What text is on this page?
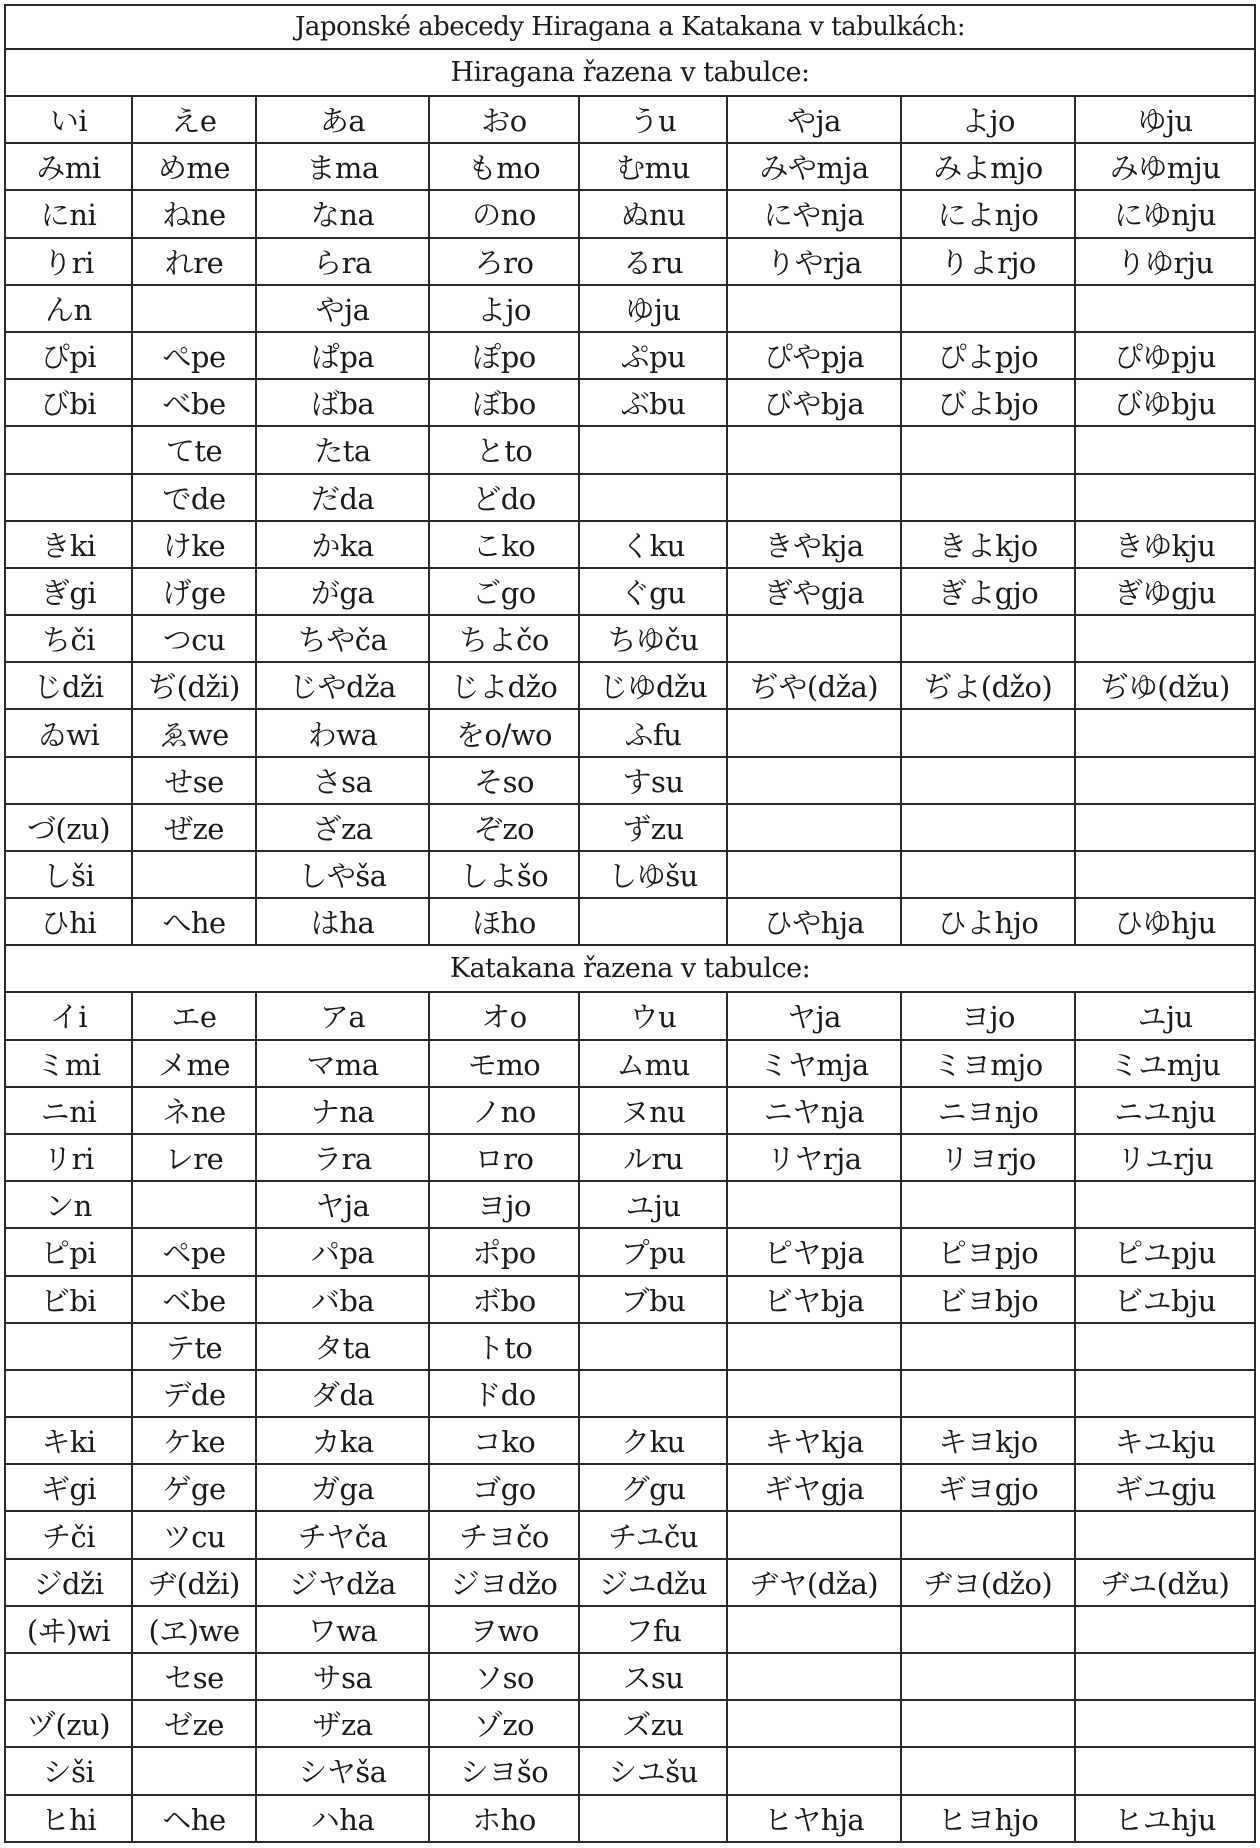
Japonské abecedy Hiragana a Katakana v tabulkách:							
Hiragana řazena v tabulce:							
いi	えe	あa	おo	うu	やja	よjo	ゆju
みmi	めme	まma	もmo	むmu	みやmja	みよmjo	みゆmju
にni	ねne	なna	のno	ぬnu	にやnja	によnjo	にゆnju
りri	れre	らra	ろro	るru	りやrja	りよrjo	りゆrju
んn		やja	よjo	ゆju			
ぴpi	ぺpe	ぱpa	ぽpo	ぷpu	ぴやpja	ぴよpjo	ぴゆpju
びbi	べbe	ばba	ぼbo	ぶbu	びやbja	びよbjo	びゆbju
	てte	たta	とto				
	でde	だda	どdo				
きki	けke	かka	こko	くku	きやkja	きよkjo	きゆkju
ぎgi	げge	がga	ごgo	ぐgu	ぎやgja	ぎよgjo	ぎゆgju
ちči	つcu	ちやča	ちよčo	ちゆču			
じdži	ぢ(dži)	じやdža	じよdžo	じゆdžu	ぢや(dža)	ぢよ(džo)	ぢゆ(džu)
ゐwi	ゑwe	わwa	をo/wo	ふfu			
	せse	さsa	そso	すsu			
づ(zu)	ぜze	ざza	ぞzo	ずzu			
しši		しやša	しよšo	しゆšu			
ひhi	へhe	はha	ほho		ひやhja	ひよhjo	ひゆhju
Katakana řazena v tabulce:							
イi	エe	アa	オo	ウu	ヤja	ヨjo	ユju
ミmi	メme	マma	モmo	ムmu	ミヤmja	ミヨmjo	ミユmju
ニni	ネne	ナna	ノno	ヌnu	ニヤnja	ニヨnjo	ニユnju
リri	レre	ラra	ロro	ルru	リヤrja	リヨrjo	リユrju
ンn		ヤja	ヨjo	ユju			
ピpi	ペpe	パpa	ポpo	プpu	ピヤpja	ピヨpjo	ピユpju
ビbi	ベbe	バba	ボbo	ブbu	ビヤbja	ビヨbjo	ビユbju
	テte	タta	トto				
	デde	ダda	ドdo				
キki	ケke	カka	コko	クku	キヤkja	キヨkjo	キユkju
ギgi	ゲge	ガga	ゴgo	グgu	ギヤgja	ギヨgjo	ギユgju
チči	ツcu	チヤča	チヨčo	チユču			
ジdži	ヂ(dži)	ジヤdža	ジヨdžo	ジユdžu	ヂヤ(dža)	ヂヨ(džo)	ヂユ(džu)
(ヰ)wi	(ヱ)we	ワwa	ヲwo	フfu			
	セse	サsa	ソso	スsu			
ヅ(zu)	ゼze	ザza	ゾzo	ズzu			
シši		シヤša	シヨšo	シユšu			
ヒhi	ヘhe	ハha	ホho		ヒヤhja	ヒヨhjo	ヒユhju
